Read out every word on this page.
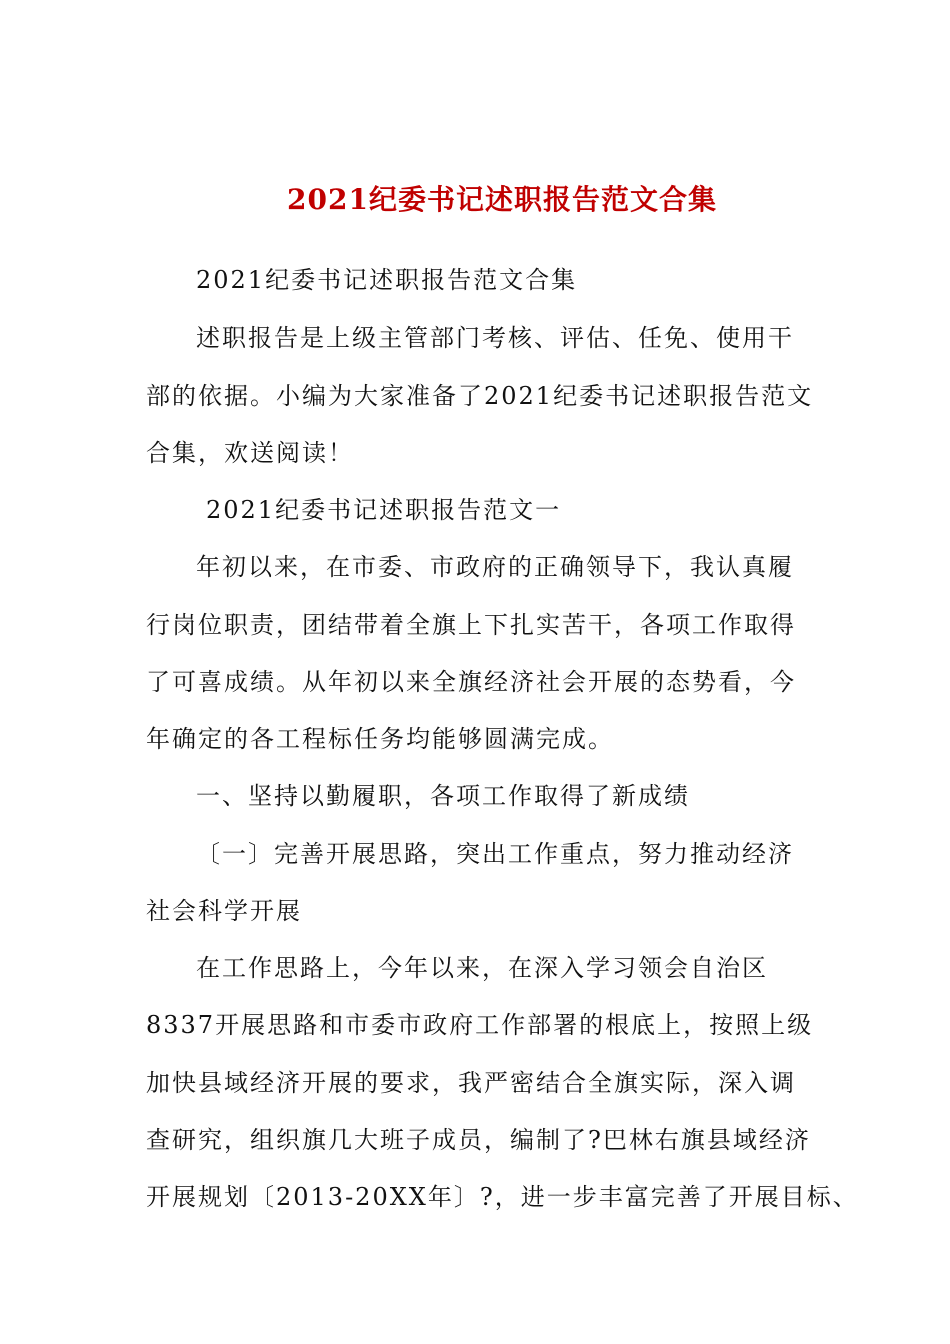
2021纪委书记述职报告范文合集
2021纪委书记述职报告范文合集
述职报告是上级主管部门考核、评估、任免、使用干
部的依据。小编为大家准备了2021纪委书记述职报告范文
合集，欢送阅读！
2021纪委书记述职报告范文一
年初以来，在市委、市政府的正确领导下，我认真履
行岗位职责，团结带着全旗上下扎实苦干，各项工作取得
了可喜成绩。从年初以来全旗经济社会开展的态势看，今
年确定的各工程标任务均能够圆满完成。
一、坚持以勤履职，各项工作取得了新成绩
〔一〕完善开展思路，突出工作重点，努力推动经济
社会科学开展
在工作思路上，今年以来，在深入学习领会自治区
8337开展思路和市委市政府工作部署的根底上，按照上级
加快县域经济开展的要求，我严密结合全旗实际，深入调
查研究，组织旗几大班子成员，编制了?巴林右旗县域经济
开展规划〔2013-20XX年〕?，进一步丰富完善了开展目标、
